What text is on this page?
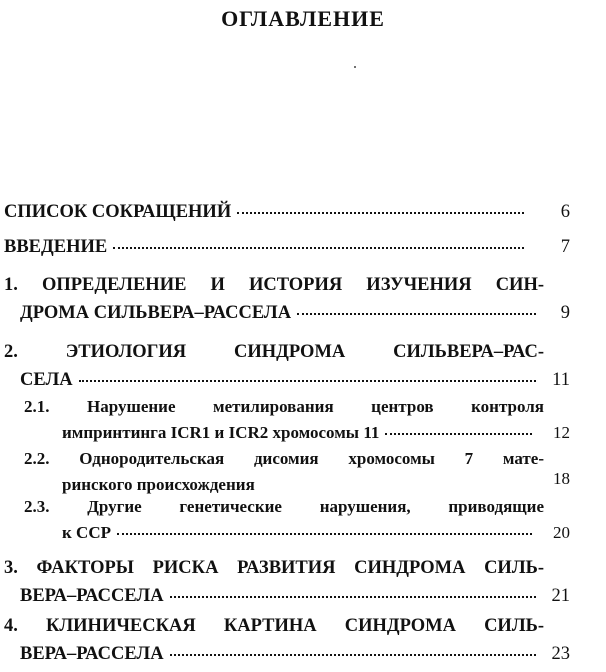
ОГЛАВЛЕНИЕ
СПИСОК СОКРАЩЕНИЙ	6
ВВЕДЕНИЕ	7
1. ОПРЕДЕЛЕНИЕ И ИСТОРИЯ ИЗУЧЕНИЯ СИН-
ДРОМА СИЛЬВЕРА–РАССЕЛА	9
2. ЭТИОЛОГИЯ СИНДРОМА СИЛЬВЕРА–РАС-
СЕЛА	11
2.1. Нарушение метилирования центров контроля
импринтинга ICR1 и ICR2 хромосомы 11	12
2.2. Однородительская дисомия хромосомы 7 мате-
ринского происхождения	18
2.3. Другие генетические нарушения, приводящие
к ССР	20
3. ФАКТОРЫ РИСКА РАЗВИТИЯ СИНДРОМА СИЛЬ-
ВЕРА–РАССЕЛА	21
4. КЛИНИЧЕСКАЯ КАРТИНА СИНДРОМА СИЛЬ-
ВЕРА–РАССЕЛА	23
